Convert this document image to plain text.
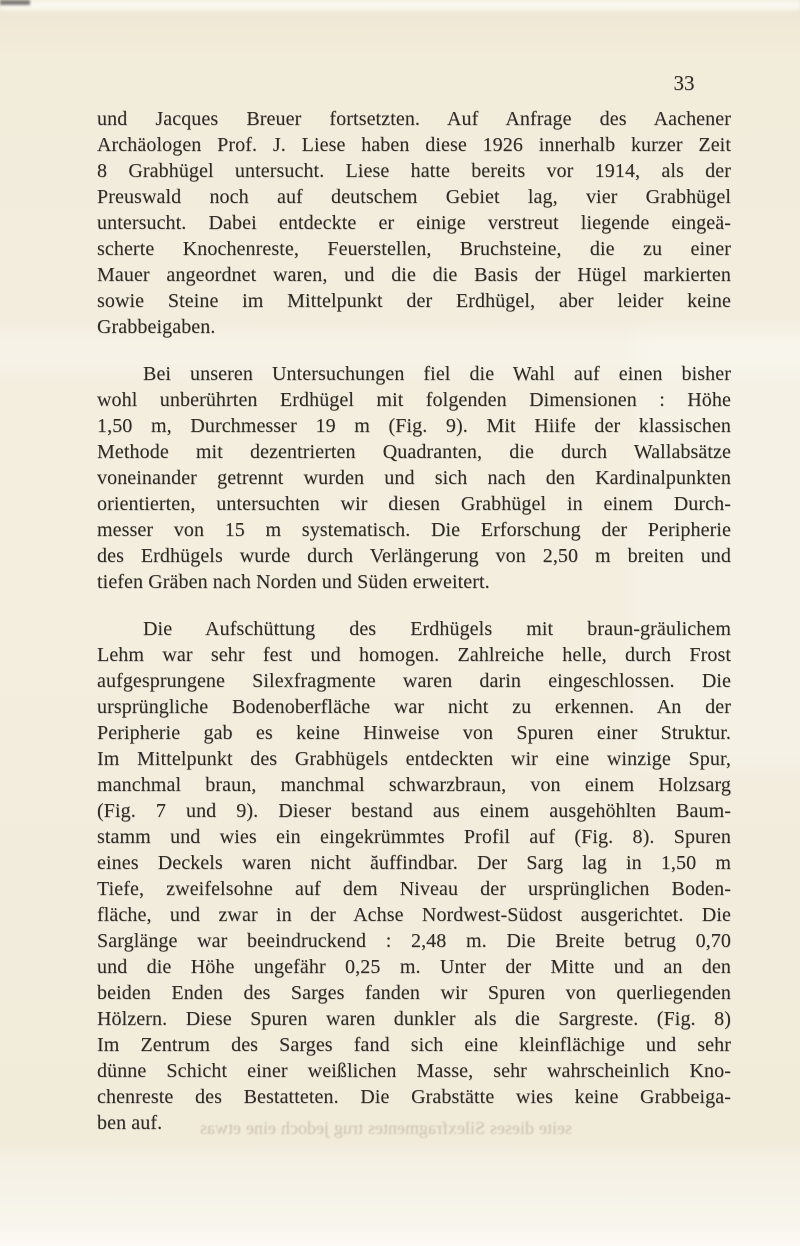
33
und Jacques Breuer fortsetzten. Auf Anfrage des Aachener
Archäologen Prof. J. Liese haben diese 1926 innerhalb kurzer Zeit
8 Grabhügel untersucht. Liese hatte bereits vor 1914, als der
Preuswald noch auf deutschem Gebiet lag, vier Grabhügel
untersucht. Dabei entdeckte er einige verstreut liegende eingeä-
scherte Knochenreste, Feuerstellen, Bruchsteine, die zu einer
Mauer angeordnet waren, und die die Basis der Hügel markierten
sowie Steine im Mittelpunkt der Erdhügel, aber leider keine
Grabbeigaben.
Bei unseren Untersuchungen fiel die Wahl auf einen bisher
wohl unberührten Erdhügel mit folgenden Dimensionen : Höhe
1,50 m, Durchmesser 19 m (Fig. 9). Mit Hiife der klassischen
Methode mit dezentrierten Quadranten, die durch Wallabsätze
voneinander getrennt wurden und sich nach den Kardinalpunkten
orientierten, untersuchten wir diesen Grabhügel in einem Durch-
messer von 15 m systematisch. Die Erforschung der Peripherie
des Erdhügels wurde durch Verlängerung von 2,50 m breiten und
tiefen Gräben nach Norden und Süden erweitert.
Die Aufschüttung des Erdhügels mit braun-gräulichem
Lehm war sehr fest und homogen. Zahlreiche helle, durch Frost
aufgesprungene Silexfragmente waren darin eingeschlossen. Die
ursprüngliche Bodenoberfläche war nicht zu erkennen. An der
Peripherie gab es keine Hinweise von Spuren einer Struktur.
Im Mittelpunkt des Grabhügels entdeckten wir eine winzige Spur,
manchmal braun, manchmal schwarzbraun, von einem Holzsarg
(Fig. 7 und 9). Dieser bestand aus einem ausgehöhlten Baum-
stamm und wies ein eingekrümmtes Profil auf (Fig. 8). Spuren
eines Deckels waren nicht ăuffindbar. Der Sarg lag in 1,50 m
Tiefe, zweifelsohne auf dem Niveau der ursprünglichen Boden-
fläche, und zwar in der Achse Nordwest-Südost ausgerichtet. Die
Sarglänge war beeindruckend : 2,48 m. Die Breite betrug 0,70
und die Höhe ungefähr 0,25 m. Unter der Mitte und an den
beiden Enden des Sarges fanden wir Spuren von querliegenden
Hölzern. Diese Spuren waren dunkler als die Sargreste. (Fig. 8)
Im Zentrum des Sarges fand sich eine kleinflächige und sehr
dünne Schicht einer weißlichen Masse, sehr wahrscheinlich Kno-
chenreste des Bestatteten. Die Grabstätte wies keine Grabbeiga-
ben auf.	seite dieses Silexfragmentes trug jedoch eine etwas
